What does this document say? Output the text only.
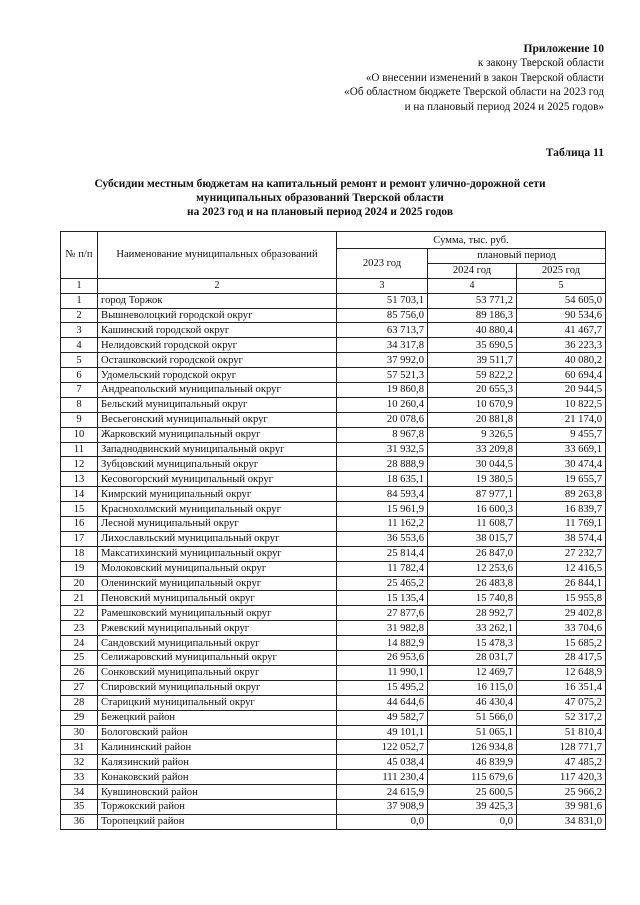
Приложение 10
к закону Тверской области
«О внесении изменений в закон Тверской области
«Об областном бюджете Тверской области на 2023 год
и на плановый период 2024 и 2025 годов»
Таблица 11
Субсидии местным бюджетам на капитальный ремонт и ремонт улично-дорожной сети
муниципальных образований Тверской области
на 2023 год и на плановый период 2024 и 2025 годов
№ п/п	Наименование муниципальных образований	Сумма, тыс. руб.		
		2023 год	плановый период	
			2024 год	2025 год
1	2	3	4	5
1	город Торжок	51 703,1	53 771,2	54 605,0
2	Вышневолоцкий городской округ	85 756,0	89 186,3	90 534,6
3	Кашинский городской округ	63 713,7	40 880,4	41 467,7
4	Нелидовский городской округ	34 317,8	35 690,5	36 223,3
5	Осташковский городской округ	37 992,0	39 511,7	40 080,2
6	Удомельский городской округ	57 521,3	59 822,2	60 694,4
7	Андреапольский муниципальный округ	19 860,8	20 655,3	20 944,5
8	Бельский муниципальный округ	10 260,4	10 670,9	10 822,5
9	Весьегонский муниципальный округ	20 078,6	20 881,8	21 174,0
10	Жарковский муниципальный округ	8 967,8	9 326,5	9 455,7
11	Западнодвинский муниципальный округ	31 932,5	33 209,8	33 669,1
12	Зубцовский муниципальный округ	28 888,9	30 044,5	30 474,4
13	Кесовогорский муниципальный округ	18 635,1	19 380,5	19 655,7
14	Кимрский муниципальный округ	84 593,4	87 977,1	89 263,8
15	Краснохолмский муниципальный округ	15 961,9	16 600,3	16 839,7
16	Лесной муниципальный округ	11 162,2	11 608,7	11 769,1
17	Лихославльский муниципальный округ	36 553,6	38 015,7	38 574,4
18	Максатихинский муниципальный округ	25 814,4	26 847,0	27 232,7
19	Молоковский муниципальный округ	11 782,4	12 253,6	12 416,5
20	Оленинский муниципальный округ	25 465,2	26 483,8	26 844,1
21	Пеновский муниципальный округ	15 135,4	15 740,8	15 955,8
22	Рамешковский муниципальный округ	27 877,6	28 992,7	29 402,8
23	Ржевский муниципальный округ	31 982,8	33 262,1	33 704,6
24	Сандовский муниципальный округ	14 882,9	15 478,3	15 685,2
25	Селижаровский муниципальный округ	26 953,6	28 031,7	28 417,5
26	Сонковский муниципальный округ	11 990,1	12 469,7	12 648,9
27	Спировский муниципальный округ	15 495,2	16 115,0	16 351,4
28	Старицкий муниципальный округ	44 644,6	46 430,4	47 075,2
29	Бежецкий район	49 582,7	51 566,0	52 317,2
30	Бологовский район	49 101,1	51 065,1	51 810,4
31	Калининский район	122 052,7	126 934,8	128 771,7
32	Калязинский район	45 038,4	46 839,9	47 485,2
33	Конаковский район	111 230,4	115 679,6	117 420,3
34	Кувшиновский район	24 615,9	25 600,5	25 966,2
35	Торжокский район	37 908,9	39 425,3	39 981,6
36	Торопецкий район	0,0	0,0	34 831,0
